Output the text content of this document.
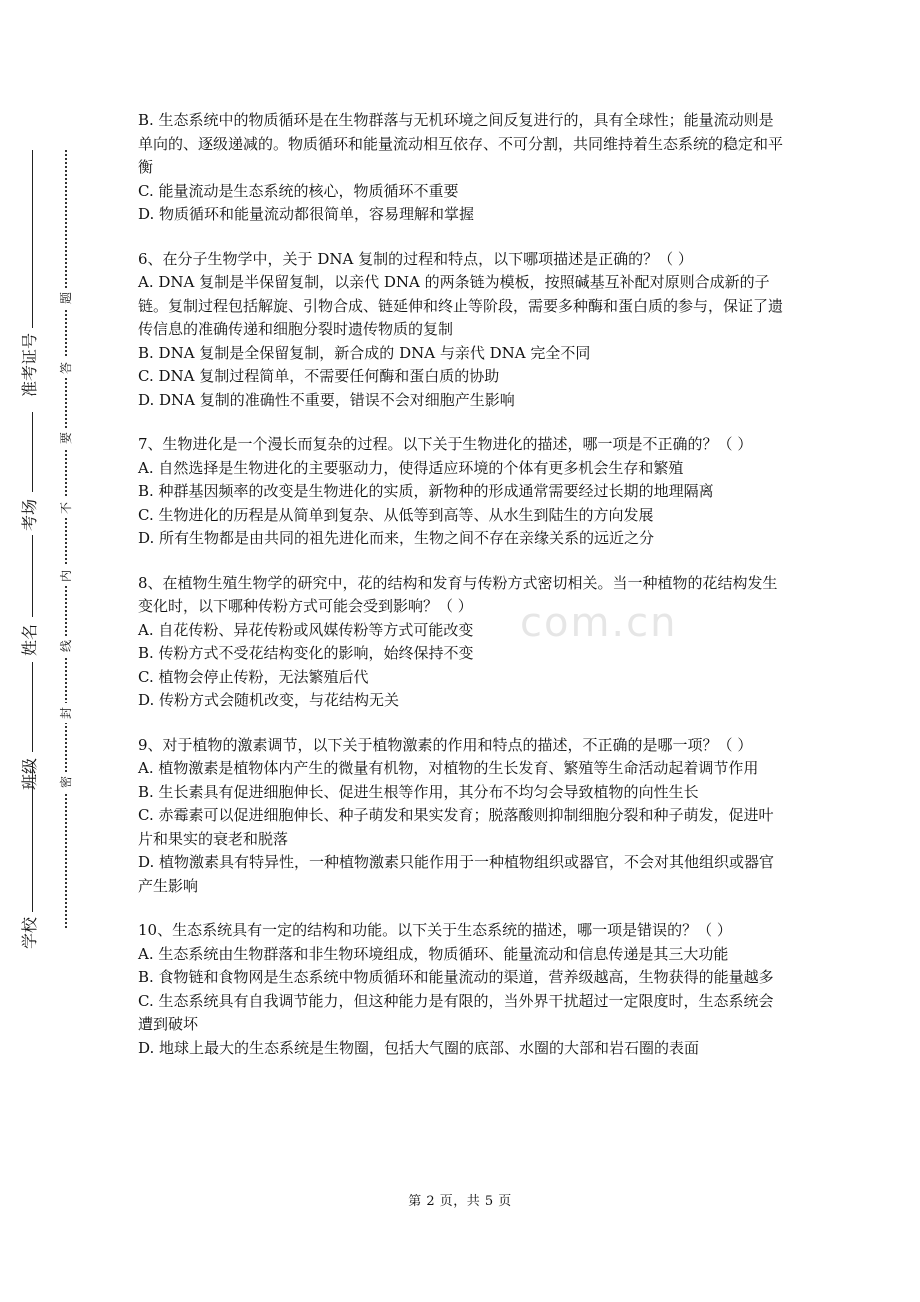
学校
班级
姓名
考场
准考证号
密
封
线
内
不
要
答
题
com.cn

B. 生态系统中的物质循环是在生物群落与无机环境之间反复进行的，具有全球性；能量流动则是单向的、逐级递减的。物质循环和能量流动相互依存、不可分割，共同维持着生态系统的稳定和平衡

C. 能量流动是生态系统的核心，物质循环不重要

D. 物质循环和能量流动都很简单，容易理解和掌握

6、在分子生物学中，关于 DNA 复制的过程和特点，以下哪项描述是正确的？（ ）

A. DNA 复制是半保留复制，以亲代 DNA 的两条链为模板，按照碱基互补配对原则合成新的子链。复制过程包括解旋、引物合成、链延伸和终止等阶段，需要多种酶和蛋白质的参与，保证了遗传信息的准确传递和细胞分裂时遗传物质的复制

B. DNA 复制是全保留复制，新合成的 DNA 与亲代 DNA 完全不同

C. DNA 复制过程简单，不需要任何酶和蛋白质的协助

D. DNA 复制的准确性不重要，错误不会对细胞产生影响

7、生物进化是一个漫长而复杂的过程。以下关于生物进化的描述，哪一项是不正确的？（ ）

A. 自然选择是生物进化的主要驱动力，使得适应环境的个体有更多机会生存和繁殖

B. 种群基因频率的改变是生物进化的实质，新物种的形成通常需要经过长期的地理隔离

C. 生物进化的历程是从简单到复杂、从低等到高等、从水生到陆生的方向发展

D. 所有生物都是由共同的祖先进化而来，生物之间不存在亲缘关系的远近之分

8、在植物生殖生物学的研究中，花的结构和发育与传粉方式密切相关。当一种植物的花结构发生变化时，以下哪种传粉方式可能会受到影响？（ ）

A. 自花传粉、异花传粉或风媒传粉等方式可能改变

B. 传粉方式不受花结构变化的影响，始终保持不变

C. 植物会停止传粉，无法繁殖后代

D. 传粉方式会随机改变，与花结构无关

9、对于植物的激素调节，以下关于植物激素的作用和特点的描述，不正确的是哪一项？（ ）

A. 植物激素是植物体内产生的微量有机物，对植物的生长发育、繁殖等生命活动起着调节作用

B. 生长素具有促进细胞伸长、促进生根等作用，其分布不均匀会导致植物的向性生长

C. 赤霉素可以促进细胞伸长、种子萌发和果实发育；脱落酸则抑制细胞分裂和种子萌发，促进叶片和果实的衰老和脱落

D. 植物激素具有特异性，一种植物激素只能作用于一种植物组织或器官，不会对其他组织或器官产生影响

10、生态系统具有一定的结构和功能。以下关于生态系统的描述，哪一项是错误的？（ ）

A. 生态系统由生物群落和非生物环境组成，物质循环、能量流动和信息传递是其三大功能

B. 食物链和食物网是生态系统中物质循环和能量流动的渠道，营养级越高，生物获得的能量越多

C. 生态系统具有自我调节能力，但这种能力是有限的，当外界干扰超过一定限度时，生态系统会遭到破坏

D. 地球上最大的生态系统是生物圈，包括大气圈的底部、水圈的大部和岩石圈的表面

第 2 页，共 5 页
